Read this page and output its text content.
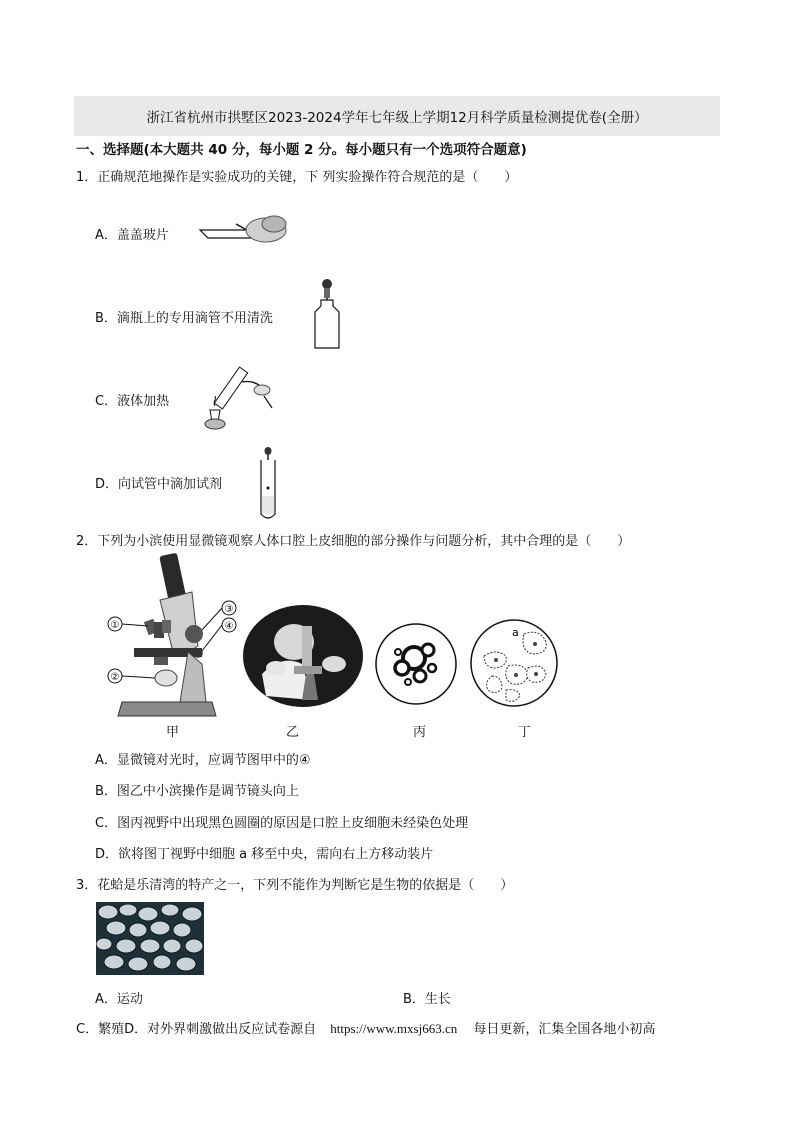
浙江省杭州市拱墅区2023-2024学年七年级上学期12月科学质量检测提优卷(全册）
一、选择题(本大题共 40 分，每小题 2 分。每小题只有一个选项符合题意)
1．正确规范地操作是实验成功的关键，下 列实验操作符合规范的是（　　）
A．盖盖玻片
B．滴瓶上的专用滴管不用清洗
C．液体加热
D．向试管中滴加试剂
2．下列为小滨使用显微镜观察人体口腔上皮细胞的部分操作与问题分析，其中合理的是（　　）
①
②
③
④	a
甲	乙	丙	丁
A．显微镜对光时，应调节图甲中的④
B．图乙中小滨操作是调节镜头向上
C．图丙视野中出现黑色圆圈的原因是口腔上皮细胞未经染色处理
D．欲将图丁视野中细胞 a 移至中央，需向右上方移动装片
3．花蛤是乐清湾的特产之一，下列不能作为判断它是生物的依据是（　　）
A．运动	B．生长
C．繁殖D．对外界刺激做出反应试卷源自 https://www.mxsj663.cn 每日更新，汇集全国各地小初高
